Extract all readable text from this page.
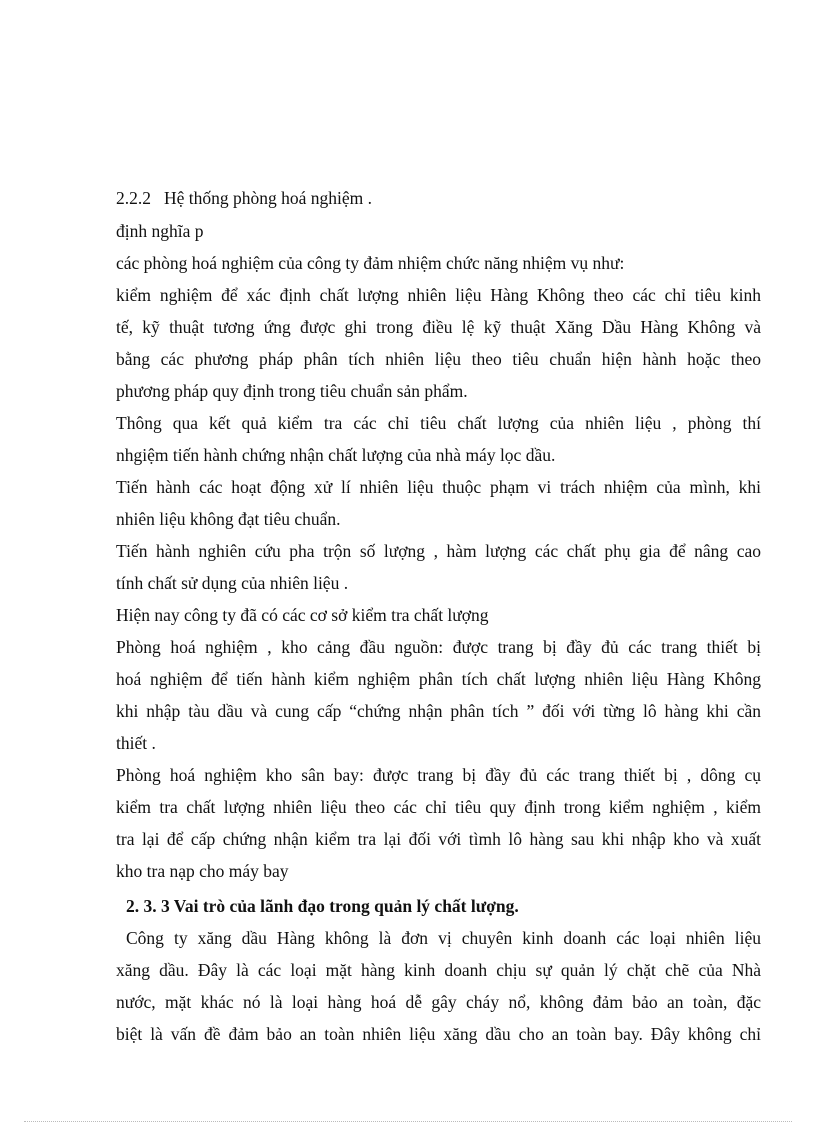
2.2.2 Hệ thống phòng hoá nghiệm .
định nghĩa p
các phòng hoá nghiệm của công ty đảm nhiệm chức năng nhiệm vụ như:
kiểm nghiệm để xác định chất lượng nhiên liệu Hàng Không theo các chỉ tiêu kinh
tế, kỹ thuật tương ứng được ghi trong điều lệ kỹ thuật Xăng Dầu Hàng Không và
bằng các phương pháp phân tích nhiên liệu theo tiêu chuẩn hiện hành hoặc theo
phương pháp quy định trong tiêu chuẩn sản phẩm.
Thông qua kết quả kiểm tra các chỉ tiêu chất lượng của nhiên liệu , phòng thí
nhgiệm tiến hành chứng nhận chất lượng của nhà máy lọc dầu.
Tiến hành các hoạt động xử lí nhiên liệu thuộc phạm vi trách nhiệm của mình, khi
nhiên liệu không đạt tiêu chuẩn.
Tiến hành nghiên cứu pha trộn số lượng , hàm lượng các chất phụ gia để nâng cao
tính chất sử dụng của nhiên liệu .
Hiện nay công ty đã có các cơ sở kiểm tra chất lượng
Phòng hoá nghiệm , kho cảng đầu nguồn: được trang bị đầy đủ các trang thiết bị
hoá nghiệm để tiến hành kiểm nghiệm phân tích chất lượng nhiên liệu Hàng Không
khi nhập tàu dầu và cung cấp “chứng nhận phân tích ” đối với từng lô hàng khi cần
thiết .
Phòng hoá nghiệm kho sân bay: được trang bị đầy đủ các trang thiết bị , dông cụ
kiểm tra chất lượng nhiên liệu theo các chỉ tiêu quy định trong kiểm nghiệm , kiểm
tra lại để cấp chứng nhận kiểm tra lại đối với tìmh lô hàng sau khi nhập kho và xuất
kho tra nạp cho máy bay
2. 3. 3 Vai trò của lãnh đạo trong quản lý chất lượng.
Công ty xăng dầu Hàng không là đơn vị chuyên kinh doanh các loại nhiên liệu
xăng dầu. Đây là các loại mặt hàng kinh doanh chịu sự quản lý chặt chẽ của Nhà
nước, mặt khác nó là loại hàng hoá dễ gây cháy nổ, không đảm bảo an toàn, đặc
biệt là vấn đề đảm bảo an toàn nhiên liệu xăng dầu cho an toàn bay. Đây không chỉ
